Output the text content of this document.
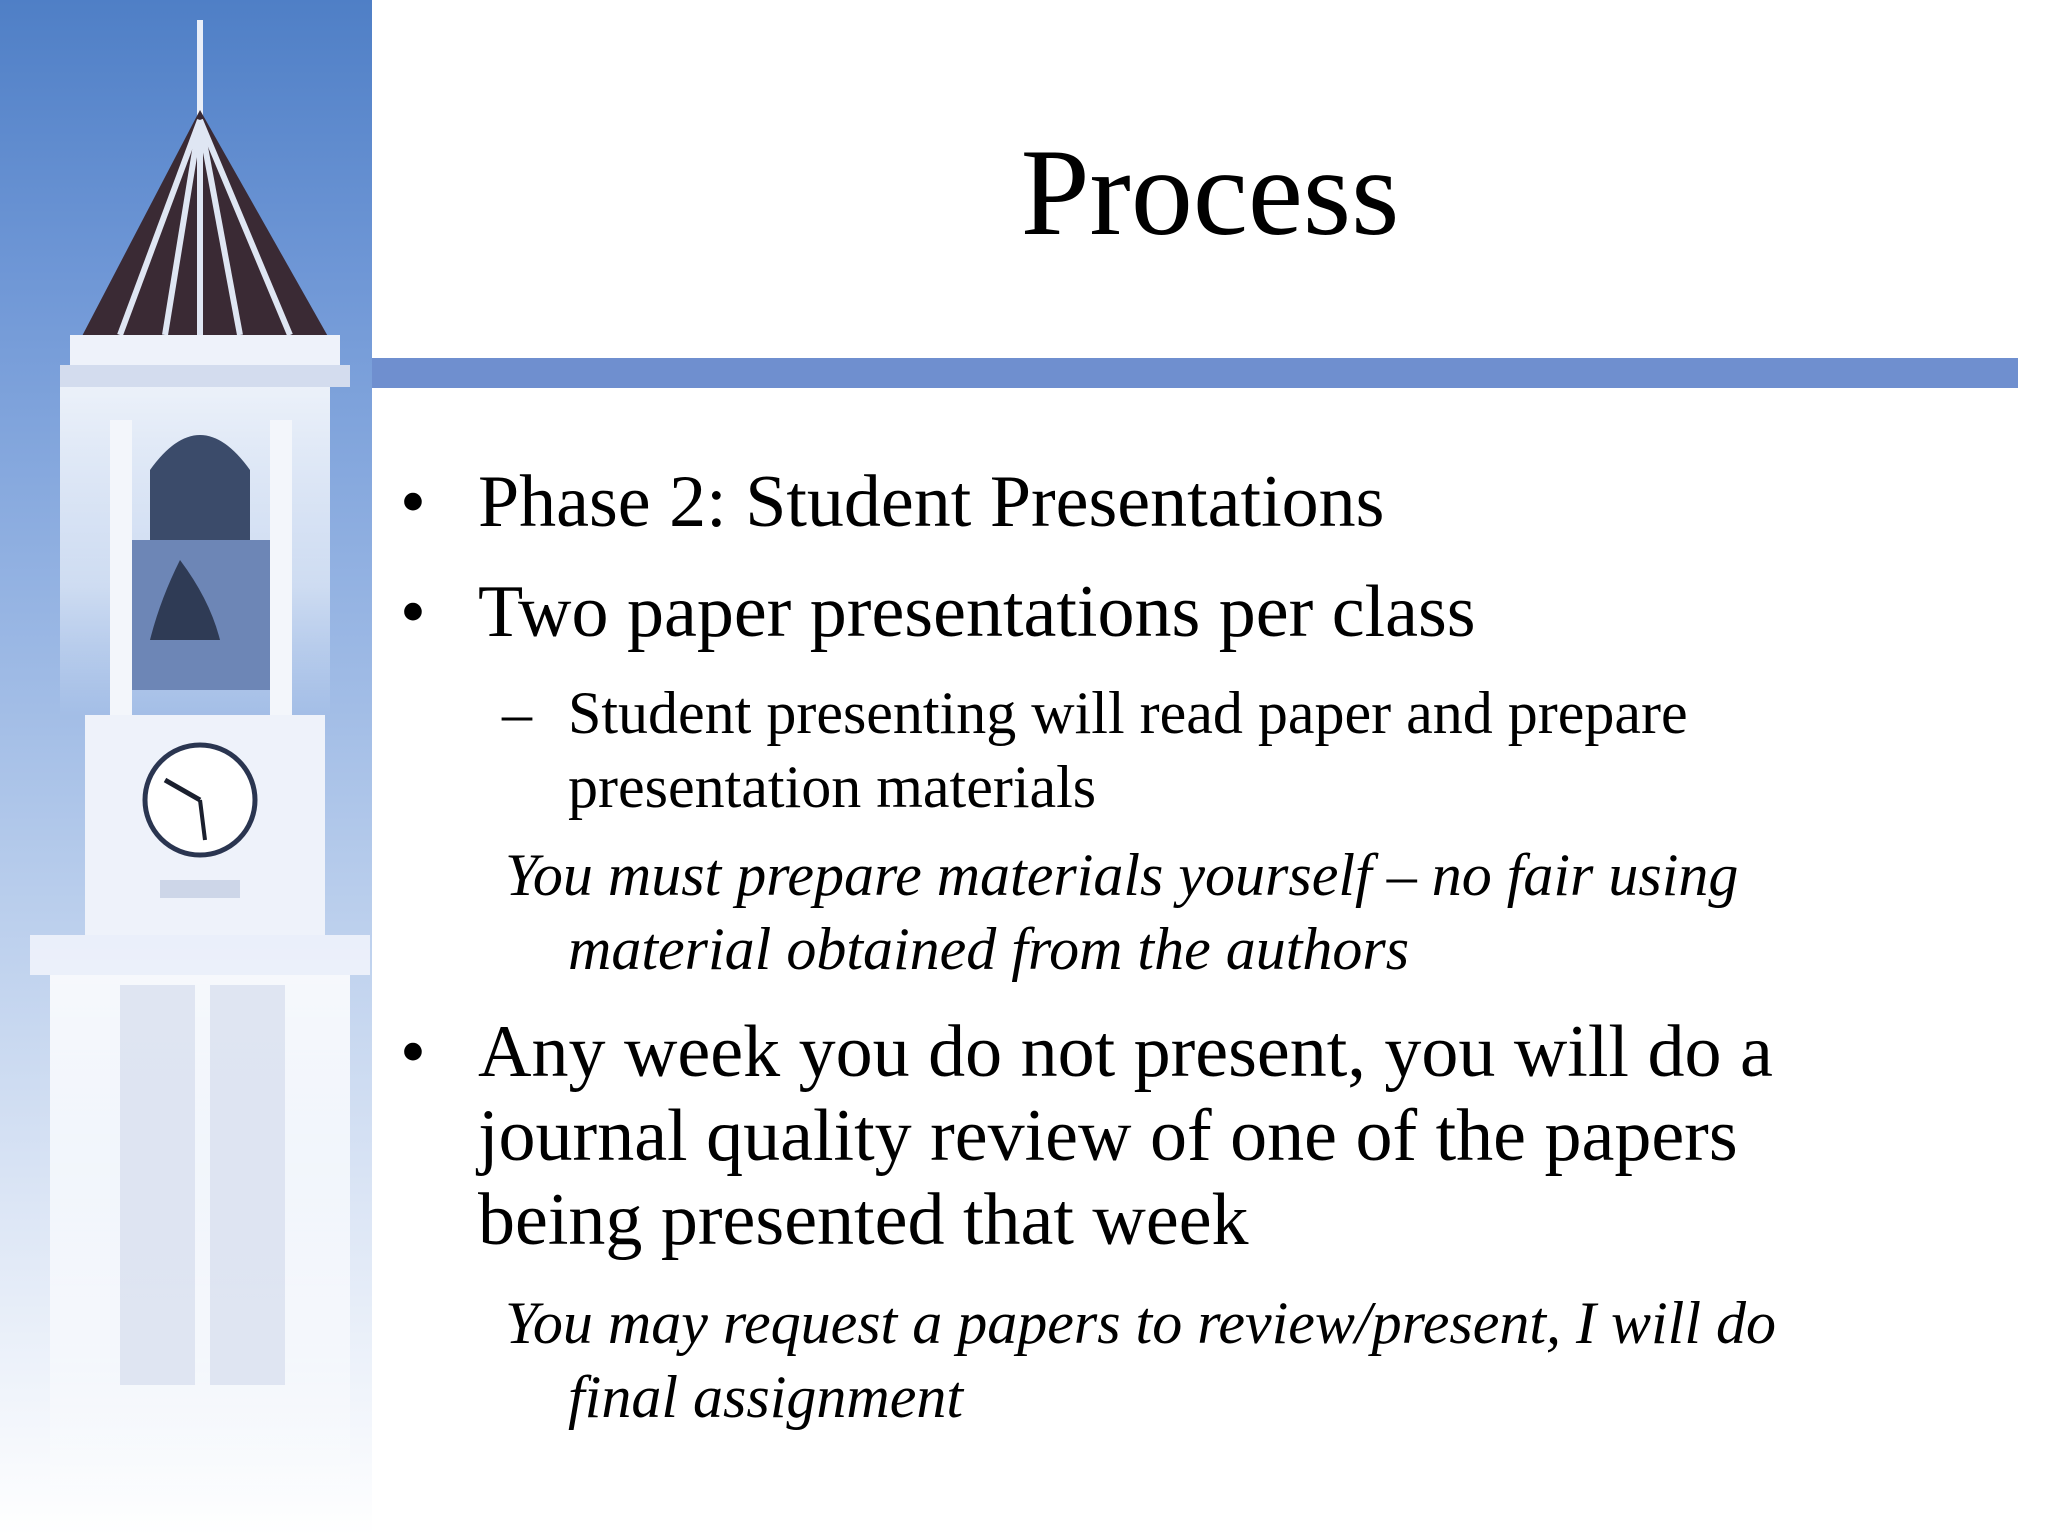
Process
• Phase 2: Student Presentations
• Two paper presentations per class
– Student presenting will read paper and prepare
presentation materials
You must prepare materials yourself – no fair using
material obtained from the authors
• Any week you do not present, you will do a
journal quality review of one of the papers
being presented that week
You may request a papers to review/present, I will do
final assignment
